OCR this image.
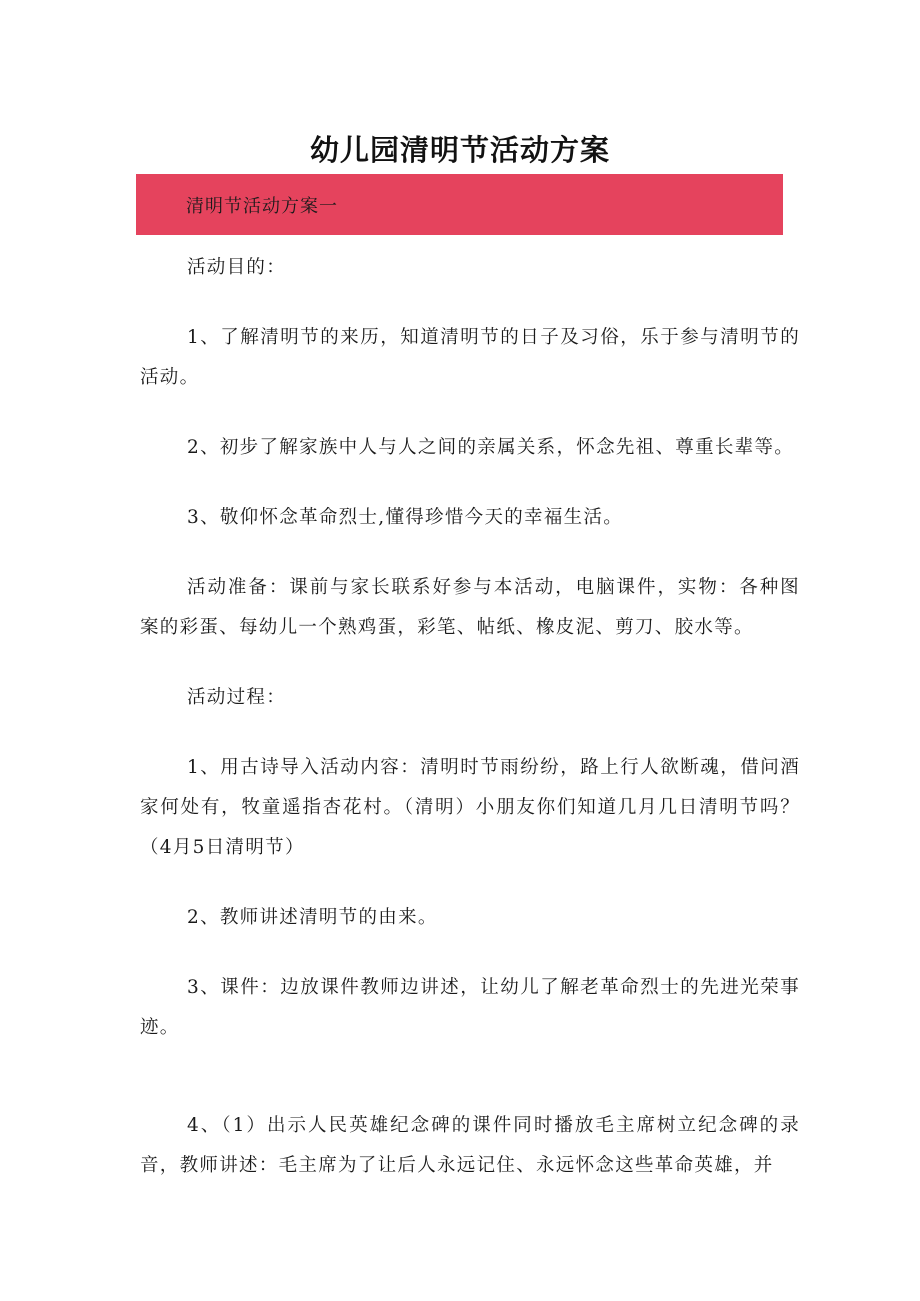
幼儿园清明节活动方案
清明节活动方案一

活动目的：

1、了解清明节的来历，知道清明节的日子及习俗，乐于参与清明节的活动。

2、初步了解家族中人与人之间的亲属关系，怀念先祖、尊重长辈等。

3、敬仰怀念革命烈士,懂得珍惜今天的幸福生活。

活动准备：课前与家长联系好参与本活动，电脑课件，实物：各种图案的彩蛋、每幼儿一个熟鸡蛋，彩笔、帖纸、橡皮泥、剪刀、胶水等。

活动过程：

1、用古诗导入活动内容：清明时节雨纷纷，路上行人欲断魂，借问酒家何处有，牧童遥指杏花村。（清明）小朋友你们知道几月几日清明节吗？（4月5日清明节）

2、教师讲述清明节的由来。

3、课件：边放课件教师边讲述，让幼儿了解老革命烈士的先进光荣事迹。

4、（1）出示人民英雄纪念碑的课件同时播放毛主席树立纪念碑的录音，教师讲述：毛主席为了让后人永远记住、永远怀念这些革命英雄，并
